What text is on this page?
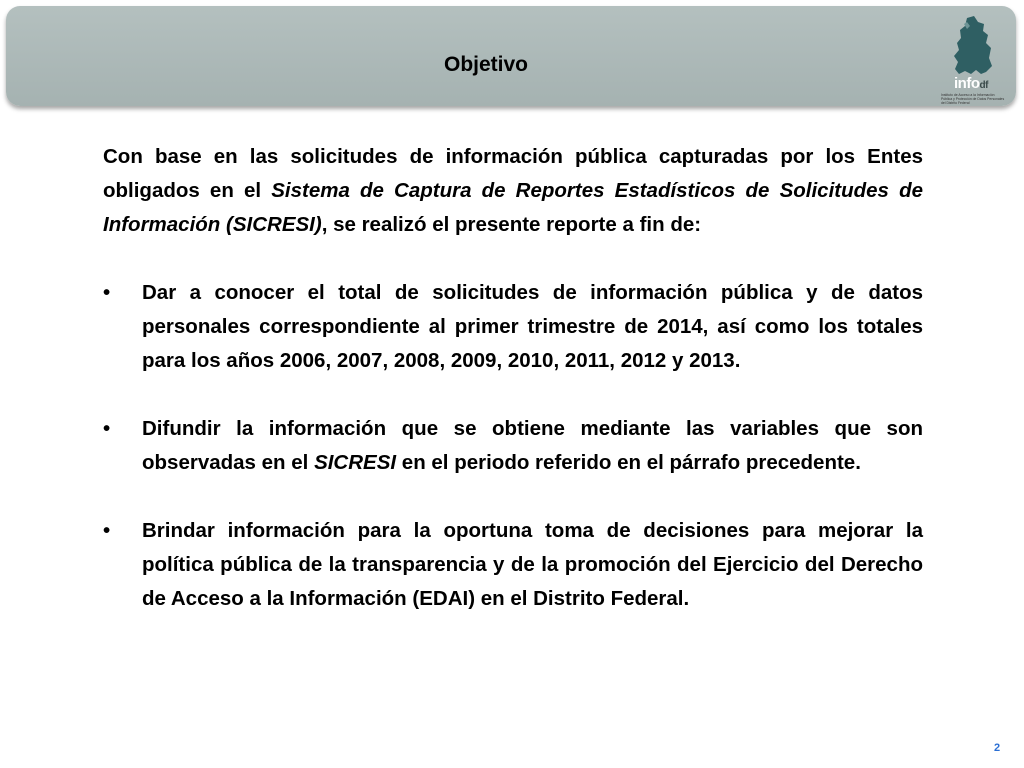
Objetivo
infodf
Instituto de Acceso a la Información Pública y Protección de Datos Personales del Distrito Federal

Con base en las solicitudes de información pública capturadas por los Entes obligados en el Sistema de Captura de Reportes Estadísticos de Solicitudes de Información (SICRESI), se realizó el presente reporte a fin de:

• Dar a conocer el total de solicitudes de información pública y de datos personales correspondiente al primer trimestre de 2014, así como los totales para los años 2006, 2007, 2008, 2009, 2010, 2011, 2012 y 2013.
• Difundir la información que se obtiene mediante las variables que son observadas en el SICRESI en el periodo referido en el párrafo precedente.
• Brindar información para la oportuna toma de decisiones para mejorar la política pública de la transparencia y de la promoción del Ejercicio del Derecho de Acceso a la Información (EDAI) en el Distrito Federal.
2
